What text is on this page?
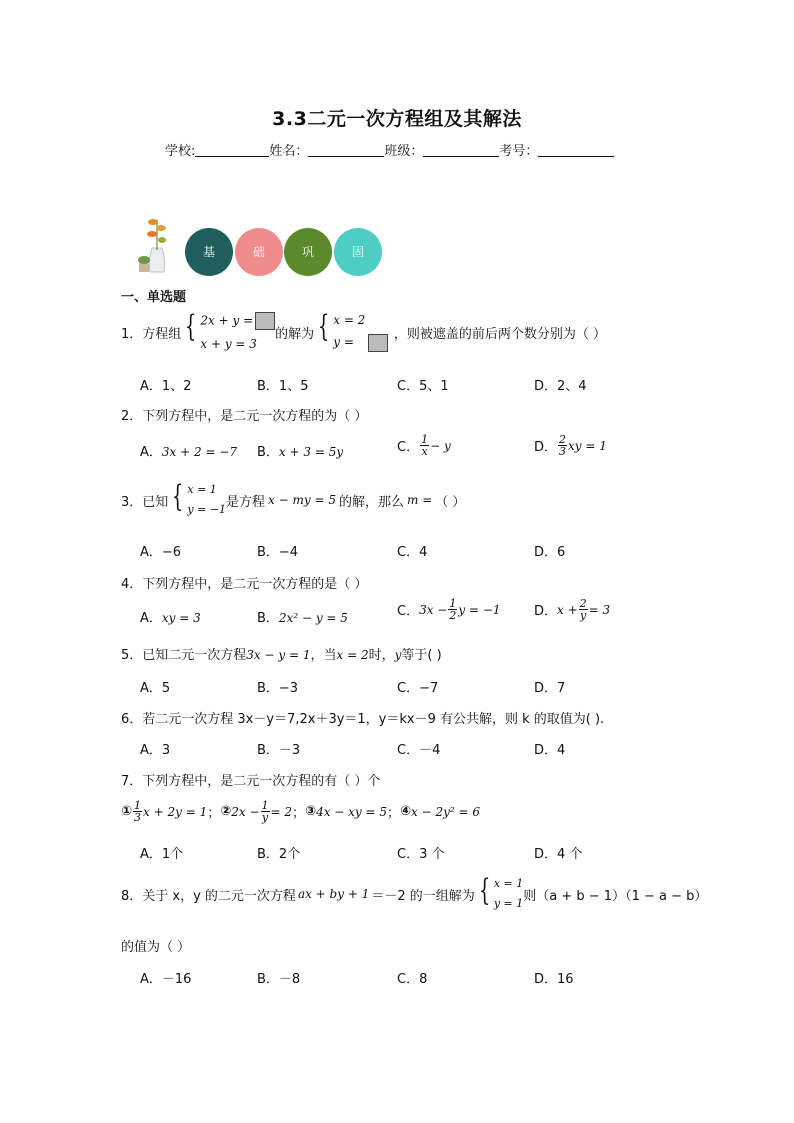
3.3二元一次方程组及其解法
学校:	姓名：	班级：	考号：
基	础	巩	固
一、单选题
1． 方程组 { 2x + y =
x + y = 3
的解为 { x = 2
y =
，则被遮盖的前后两个数分别为（ ）
A．1、2	B．1、5	C．5、1	D．2、4
2．下列方程中，是二元一次方程的为（ ）
A．3x + 2 = −7 B．x + 3 = 5y	C． $\frac{1}{x} - y$	D． $\frac{2}{3}$ xy = 1
3． 已知 { x = 1
y = −1 是方程 x − my = 5 的解，那么 m = （ ）
A．−6	B．−4	C．4	D．6
4．下列方程中，是二元一次方程的是（ ）
A．xy = 3	B．2x² − y = 5	C． $3x - \frac{1}{2}$ y = −1	D． $x + \frac{2}{y} = 3$
5．已知二元一次方程3x − y = 1，当x = 2时，y等于( )
A．5	B．−3	C．−7	D．7
6．若二元一次方程 3x－y＝7,2x＋3y＝1，y＝kx－9 有公共解，则 k 的取值为( ).
A．3	B．－3	C．－4	D．4
7．下列方程中，是二元一次方程的有（ ）个
① $\frac{1}{3}$ x + 2y = 1 ； ② $2x - \frac{1}{y} = 2$ ； ③ 4x − xy = 5 ； ④ x − 2y² = 6
A．1个	B．2个	C．3 个	D．4 个
8． 关于 x，y 的二元一次方程 ax + by + 1 ＝－2 的一组解为 { x = 1
y = 1 则（a + b − 1）（1 − a − b）
的值为（ ）
A．－16	B．－8	C．8	D．16
